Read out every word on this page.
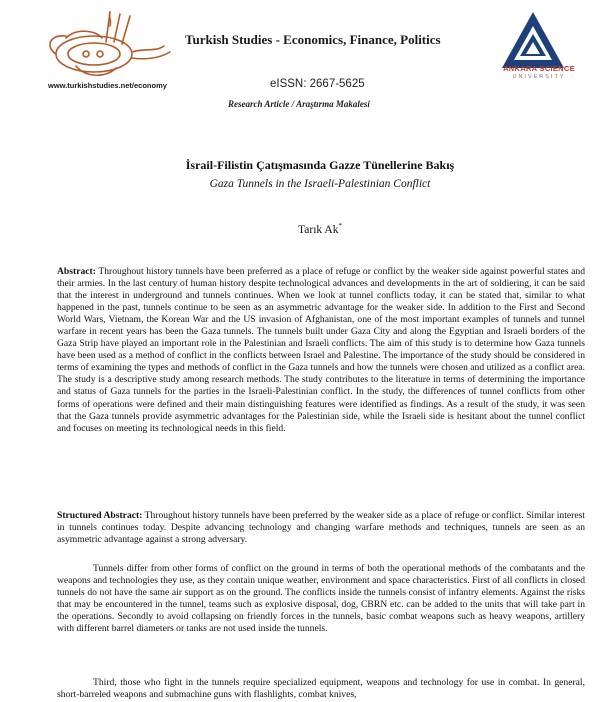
www.turkishstudies.net/economy
Turkish Studies - Economics, Finance, Politics
eISSN: 2667-5625
Research Article / Araştırma Makalesi
ANKARA SCIENCE
UNIVERSITY
İsrail-Filistin Çatışmasında Gazze Tünellerine Bakış
Gaza Tunnels in the Israeli-Palestinian Conflict
Tarık Ak*
Abstract: Throughout history tunnels have been preferred as a place of refuge or conflict by the weaker side against powerful states and their armies. In the last century of human history despite technological advances and developments in the art of soldiering, it can be said that the interest in underground and tunnels continues. When we look at tunnel conflicts today, it can be stated that, similar to what happened in the past, tunnels continue to be seen as an asymmetric advantage for the weaker side. In addition to the First and Second World Wars, Vietnam, the Korean War and the US invasion of Afghanistan, one of the most important examples of tunnels and tunnel warfare in recent years has been the Gaza tunnels. The tunnels built under Gaza City and along the Egyptian and Israeli borders of the Gaza Strip have played an important role in the Palestinian and Israeli conflicts. The aim of this study is to determine how Gaza tunnels have been used as a method of conflict in the conflicts between Israel and Palestine. The importance of the study should be considered in terms of examining the types and methods of conflict in the Gaza tunnels and how the tunnels were chosen and utilized as a conflict area. The study is a descriptive study among research methods. The study contributes to the literature in terms of determining the importance and status of Gaza tunnels for the parties in the Israeli-Palestinian conflict. In the study, the differences of tunnel conflicts from other forms of operations were defined and their main distinguishing features were identified as findings. As a result of the study, it was seen that the Gaza tunnels provide asymmetric advantages for the Palestinian side, while the Israeli side is hesitant about the tunnel conflict and focuses on meeting its technological needs in this field.
Structured Abstract: Throughout history tunnels have been preferred by the weaker side as a place of refuge or conflict. Similar interest in tunnels continues today. Despite advancing technology and changing warfare methods and techniques, tunnels are seen as an asymmetric advantage against a strong adversary.
Tunnels differ from other forms of conflict on the ground in terms of both the operational methods of the combatants and the weapons and technologies they use, as they contain unique weather, environment and space characteristics. First of all conflicts in closed tunnels do not have the same air support as on the ground. The conflicts inside the tunnels consist of infantry elements. Against the risks that may be encountered in the tunnel, teams such as explosive disposal, dog, CBRN etc. can be added to the units that will take part in the operations. Secondly to avoid collapsing on friendly forces in the tunnels, basic combat weapons such as heavy weapons, artillery with different barrel diameters or tanks are not used inside the tunnels.
Third, those who fight in the tunnels require specialized equipment, weapons and technology for use in combat. In general, short-barreled weapons and submachine guns with flashlights, combat knives,
